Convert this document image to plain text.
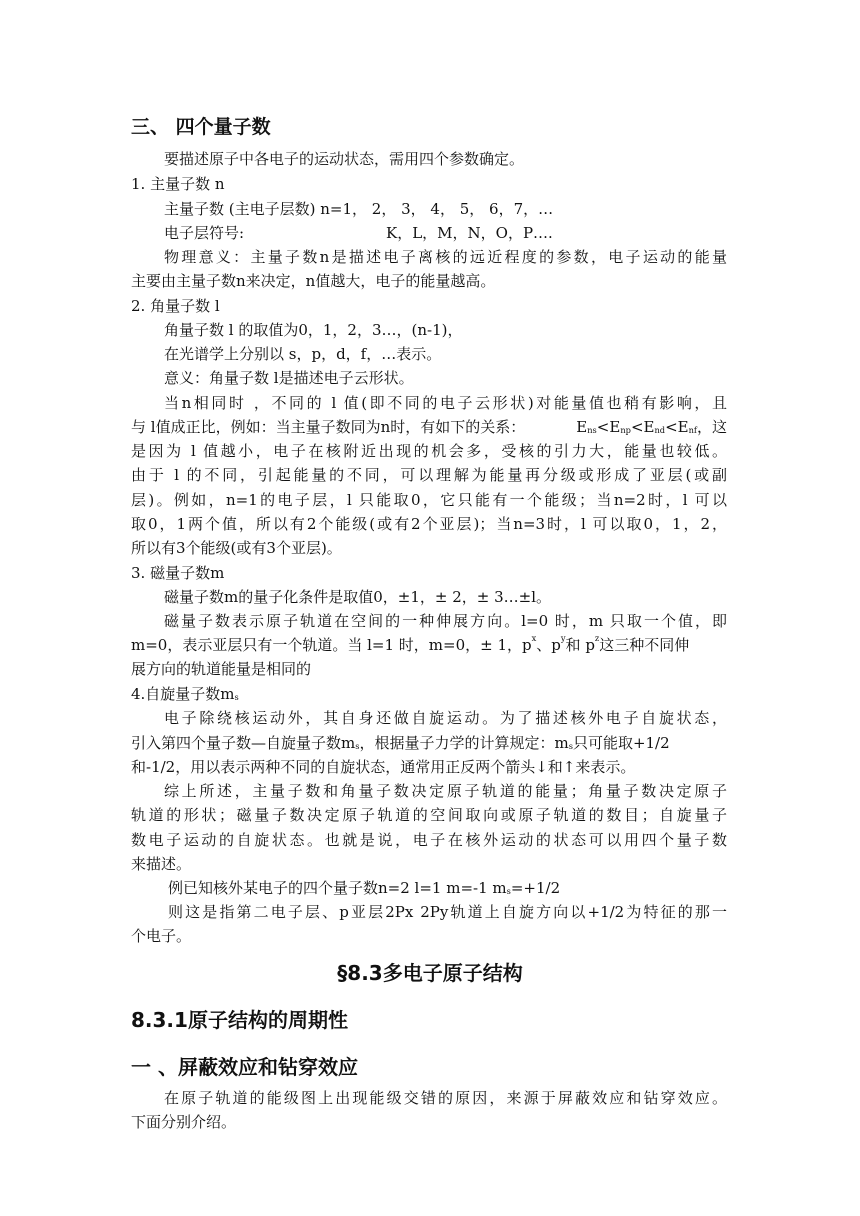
三、 四个量子数
要描述原子中各电子的运动状态，需用四个参数确定。
1. 主量子数 n
主量子数 (主电子层数) n=1， 2， 3， 4， 5， 6，7，…
电子层符号:	K，L，M，N，O，P….
物理意义：主量子数n是描述电子离核的远近程度的参数，电子运动的能量
主要由主量子数n来决定，n值越大，电子的能量越高。
2. 角量子数 l
角量子数 l 的取值为0，1，2，3…，(n-1)，
在光谱学上分别以 s，p，d，f，…表示。
意义：角量子数 l是描述电子云形状。
当n相同时 ，不同的 l 值(即不同的电子云形状)对能量值也稍有影响，且
与 l值成正比，例如：当主量子数同为n时，有如下的关系：	$E_{ns}<E_{np}<E_{nd}<E_{nf}$，这
是因为 l 值越小，电子在核附近出现的机会多，受核的引力大，能量也较低。
由于 l 的不同，引起能量的不同，可以理解为能量再分级或形成了亚层(或副
层)。例如，n=1的电子层，l 只能取0，它只能有一个能级；当n=2时，l 可以
取0，1两个值，所以有2个能级(或有2个亚层)；当n=3时，l 可以取0，1，2，
所以有3个能级(或有3个亚层)。
3. 磁量子数m
磁量子数m的量子化条件是取值0，±1，± 2，± 3…±l。
磁量子数表示原子轨道在空间的一种伸展方向。l=0 时，m 只取一个值，即
m=0，表示亚层只有一个轨道。当 l=1 时，m=0，± 1，p x 、p y 和 p z 这三种不同伸
展方向的轨道能量是相同的
4.自旋量子数$m_s$
电子除绕核运动外，其自身还做自旋运动。为了描述核外电子自旋状态，
引入第四个量子数—自旋量子数$m_s$，根据量子力学的计算规定：$m_s$只可能取+1/2
和-1/2，用以表示两种不同的自旋状态，通常用正反两个箭头↓和↑来表示。
综上所述，主量子数和角量子数决定原子轨道的能量；角量子数决定原子
轨道的形状；磁量子数决定原子轨道的空间取向或原子轨道的数目；自旋量子
数电子运动的自旋状态。也就是说，电子在核外运动的状态可以用四个量子数
来描述。
例已知核外某电子的四个量子数n=2 l=1 m=-1 $m_s=+1/2$
则这是指第二电子层、p亚层2Px 2Py轨道上自旋方向以+1/2为特征的那一
个电子。
§8.3多电子原子结构
8.3.1原子结构的周期性
一 、屏蔽效应和钻穿效应
在原子轨道的能级图上出现能级交错的原因，来源于屏蔽效应和钻穿效应。
下面分别介绍。
